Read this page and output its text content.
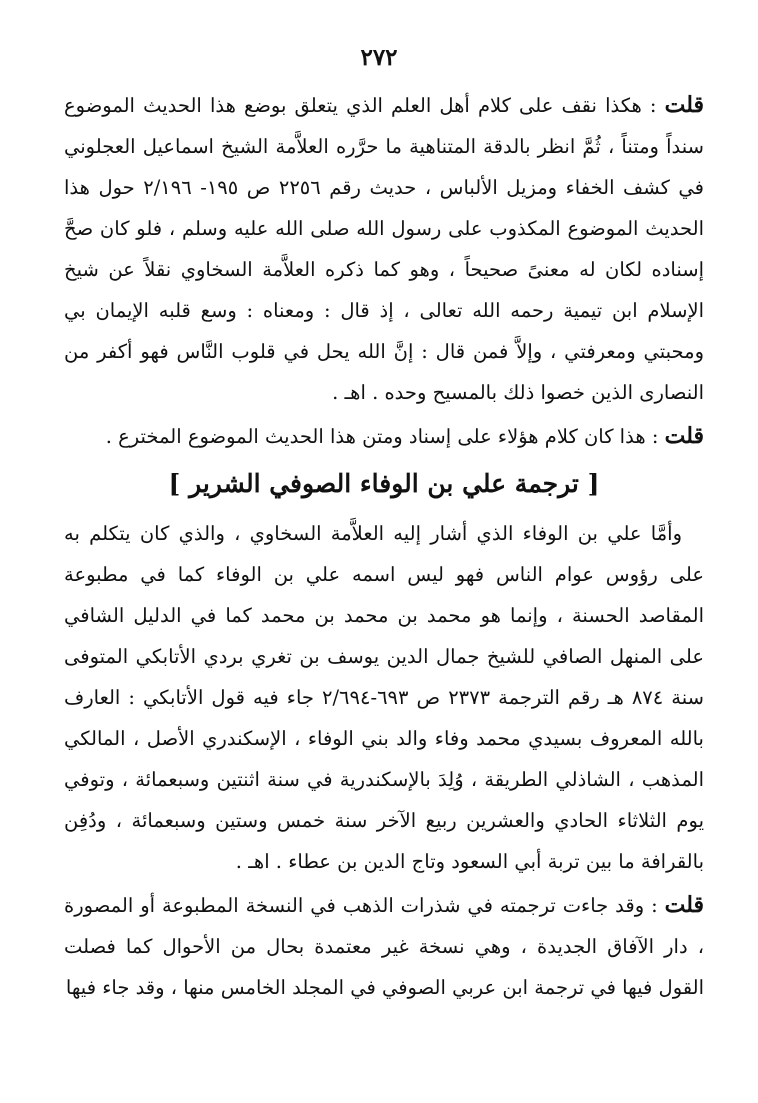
٢٧٢

قلت : هكذا نقف على كلام أهل العلم الذي يتعلق بوضع هذا الحديث الموضوع سنداً ومتناً ، ثُمَّ انظر بالدقة المتناهية ما حرَّره العلاَّمة الشيخ اسماعيل العجلوني في كشف الخفاء ومزيل الألباس ، حديث رقم ٢٢٥٦ ص ١٩٥- ٢/١٩٦ حول هذا الحديث الموضوع المكذوب على رسول الله صلى الله عليه وسلم ، فلو كان صحَّ إسناده لكان له معنىً صحيحاً ، وهو كما ذكره العلاَّمة السخاوي نقلاً عن شيخ الإسلام ابن تيمية رحمه الله تعالى ، إذ قال : ومعناه : وسع قلبه الإيمان بي ومحبتي ومعرفتي ، وإلاَّ فمن قال : إنَّ الله يحل في قلوب النَّاس فهو أكفر من النصارى الذين خصوا ذلك بالمسيح وحده . اهـ .

قلت : هذا كان كلام هؤلاء على إسناد ومتن هذا الحديث الموضوع المخترع .

[ ترجمة علي بن الوفاء الصوفي الشرير ]

وأمَّا علي بن الوفاء الذي أشار إليه العلاَّمة السخاوي ، والذي كان يتكلم به على رؤوس عوام الناس فهو ليس اسمه علي بن الوفاء كما في مطبوعة المقاصد الحسنة ، وإنما هو محمد بن محمد بن محمد كما في الدليل الشافي على المنهل الصافي للشيخ جمال الدين يوسف بن تغري بردي الأتابكي المتوفى سنة ٨٧٤ هـ رقم الترجمة ٢٣٧٣ ص ٦٩٣-٢/٦٩٤ جاء فيه قول الأتابكي : العارف بالله المعروف بسيدي محمد وفاء والد بني الوفاء ، الإسكندري الأصل ، المالكي المذهب ، الشاذلي الطريقة ، وُلِدَ بالإسكندرية في سنة اثنتين وسبعمائة ، وتوفي يوم الثلاثاء الحادي والعشرين ربيع الآخر سنة خمس وستين وسبعمائة ، ودُفِن بالقرافة ما بين تربة أبي السعود وتاج الدين بن عطاء . اهـ .

قلت : وقد جاءت ترجمته في شذرات الذهب في النسخة المطبوعة أو المصورة ، دار الآفاق الجديدة ، وهي نسخة غير معتمدة بحال من الأحوال كما فصلت القول فيها في ترجمة ابن عربي الصوفي في المجلد الخامس منها ، وقد جاء فيها
